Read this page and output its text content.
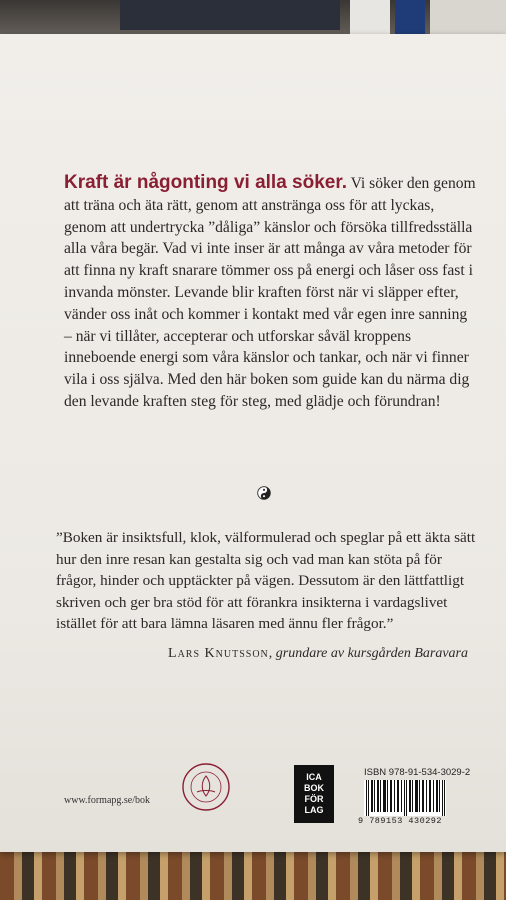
Kraft är någonting vi alla söker. Vi söker den genom att träna och äta rätt, genom att anstränga oss för att lyckas, genom att undertrycka ”dåliga” känslor och försöka tillfredsställa alla våra begär. Vad vi inte inser är att många av våra metoder för att finna ny kraft snarare tömmer oss på energi och låser oss fast i invanda mönster. Levande blir kraften först när vi släpper efter, vänder oss inåt och kommer i kontakt med vår egen inre sanning – när vi tillåter, accepterar och utforskar såväl kroppens inneboende energi som våra känslor och tankar, och när vi finner vila i oss själva. Med den här boken som guide kan du närma dig den levande kraften steg för steg, med glädje och förundran!
”Boken är insiktsfull, klok, välformulerad och speglar på ett äkta sätt hur den inre resan kan gestalta sig och vad man kan stöta på för frågor, hinder och upptäckter på vägen. Dessutom är den lättfattligt skriven och ger bra stöd för att förankra insikterna i vardagslivet istället för att bara lämna läsaren med ännu fler frågor.”
Lars Knutsson, grundare av kursgården Baravara
www.formapg.se/bok
ICA
BOK
FÖR
LAG
ISBN 978-91-534-3029-2
9 789153 430292
